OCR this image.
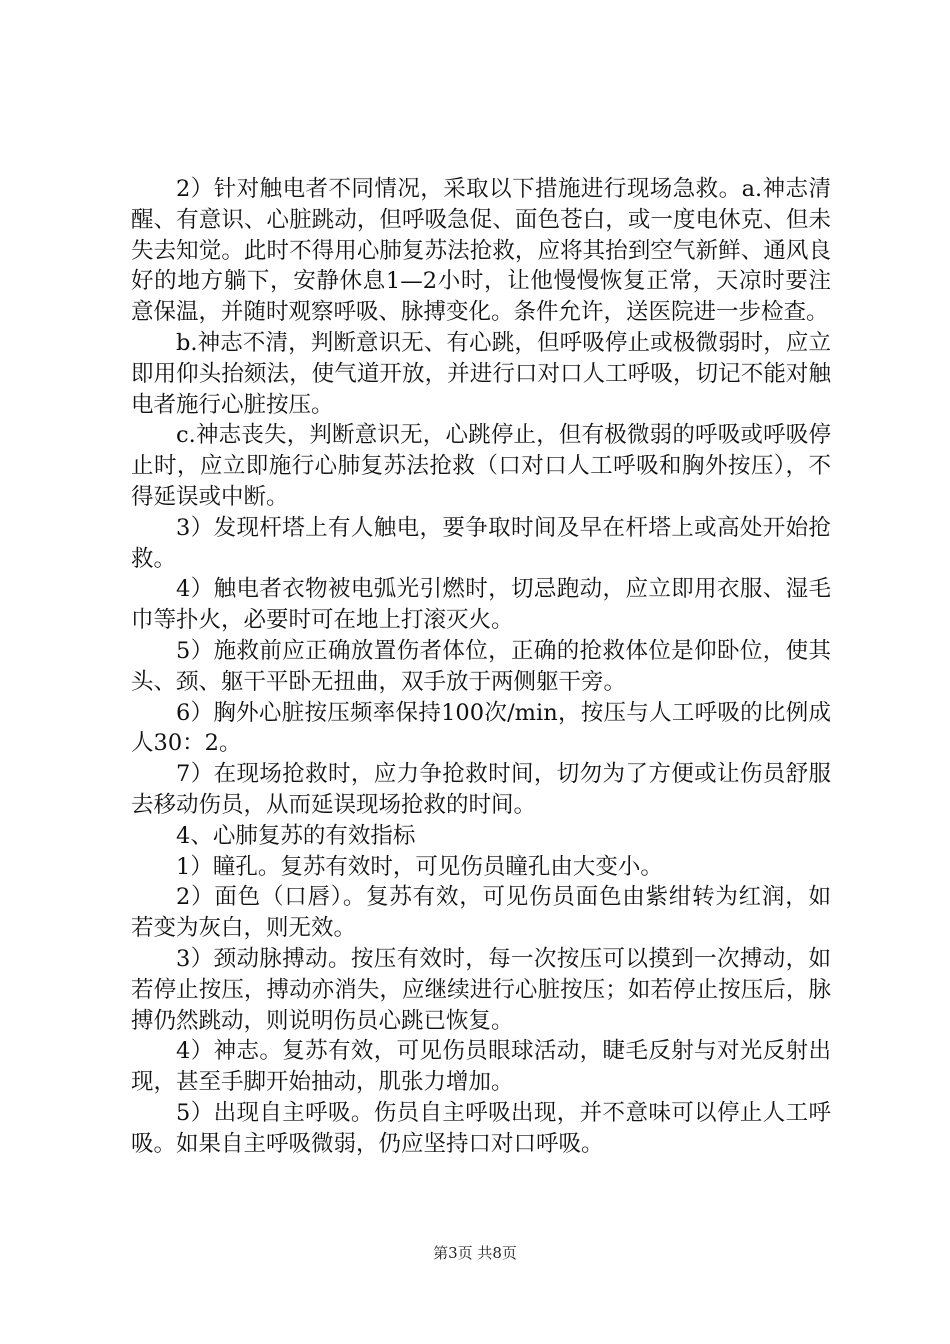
2）针对触电者不同情况，采取以下措施进行现场急救。a.神志清醒、有意识、心脏跳动，但呼吸急促、面色苍白，或一度电休克、但未失去知觉。此时不得用心肺复苏法抢救，应将其抬到空气新鲜、通风良好的地方躺下，安静休息1—2小时，让他慢慢恢复正常，天凉时要注意保温，并随时观察呼吸、脉搏变化。条件允许，送医院进一步检查。

b.神志不清，判断意识无、有心跳，但呼吸停止或极微弱时，应立即用仰头抬颏法，使气道开放，并进行口对口人工呼吸，切记不能对触电者施行心脏按压。

c.神志丧失，判断意识无，心跳停止，但有极微弱的呼吸或呼吸停止时，应立即施行心肺复苏法抢救（口对口人工呼吸和胸外按压），不得延误或中断。

3）发现杆塔上有人触电，要争取时间及早在杆塔上或高处开始抢救。

4）触电者衣物被电弧光引燃时，切忌跑动，应立即用衣服、湿毛巾等扑火，必要时可在地上打滚灭火。

5）施救前应正确放置伤者体位，正确的抢救体位是仰卧位，使其头、颈、躯干平卧无扭曲，双手放于两侧躯干旁。

6）胸外心脏按压频率保持100次/min，按压与人工呼吸的比例成人30：2。

7）在现场抢救时，应力争抢救时间，切勿为了方便或让伤员舒服去移动伤员，从而延误现场抢救的时间。

4、心肺复苏的有效指标

1）瞳孔。复苏有效时，可见伤员瞳孔由大变小。

2）面色（口唇）。复苏有效，可见伤员面色由紫绀转为红润，如若变为灰白，则无效。

3）颈动脉搏动。按压有效时，每一次按压可以摸到一次搏动，如若停止按压，搏动亦消失，应继续进行心脏按压；如若停止按压后，脉搏仍然跳动，则说明伤员心跳已恢复。

4）神志。复苏有效，可见伤员眼球活动，睫毛反射与对光反射出现，甚至手脚开始抽动，肌张力增加。

5）出现自主呼吸。伤员自主呼吸出现，并不意味可以停止人工呼吸。如果自主呼吸微弱，仍应坚持口对口呼吸。

第3页 共8页
